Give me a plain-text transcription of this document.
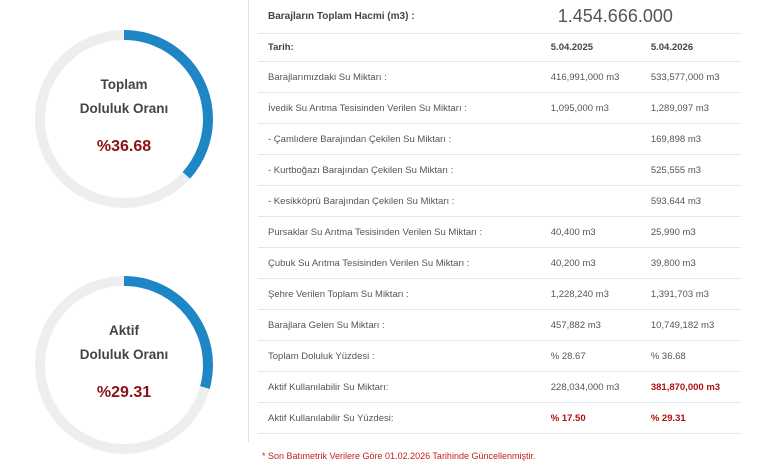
Toplam
Doluluk Oranı
%36.68
Aktif
Doluluk Oranı
%29.31
Barajların Toplam Hacmi (m3) :	1.454.666.000	
Tarih:	5.04.2025	5.04.2026
Barajlarımızdaki Su Miktarı :	416,991,000 m3	533,577,000 m3
İvedik Su Arıtma Tesisinden Verilen Su Miktarı :	1,095,000 m3	1,289,097 m3
- Çamlıdere Barajından Çekilen Su Miktarı :		169,898 m3
- Kurtboğazı Barajından Çekilen Su Miktarı :		525,555 m3
- Kesikköprü Barajından Çekilen Su Miktarı :		593,644 m3
Pursaklar Su Arıtma Tesisinden Verilen Su Miktarı :	40,400 m3	25,990 m3
Çubuk Su Arıtma Tesisinden Verilen Su Miktarı :	40,200 m3	39,800 m3
Şehre Verilen Toplam Su Miktarı :	1,228,240 m3	1,391,703 m3
Barajlara Gelen Su Miktarı :	457,882 m3	10,749,182 m3
Toplam Doluluk Yüzdesi :	% 28.67	% 36.68
Aktif Kullanılabilir Su Miktarı:	228,034,000 m3	381,870,000 m3
Aktif Kullanılabilir Su Yüzdesi:	% 17.50	% 29.31
* Son Batımetrik Verilere Göre 01.02.2026 Tarihinde Güncellenmiştir.
